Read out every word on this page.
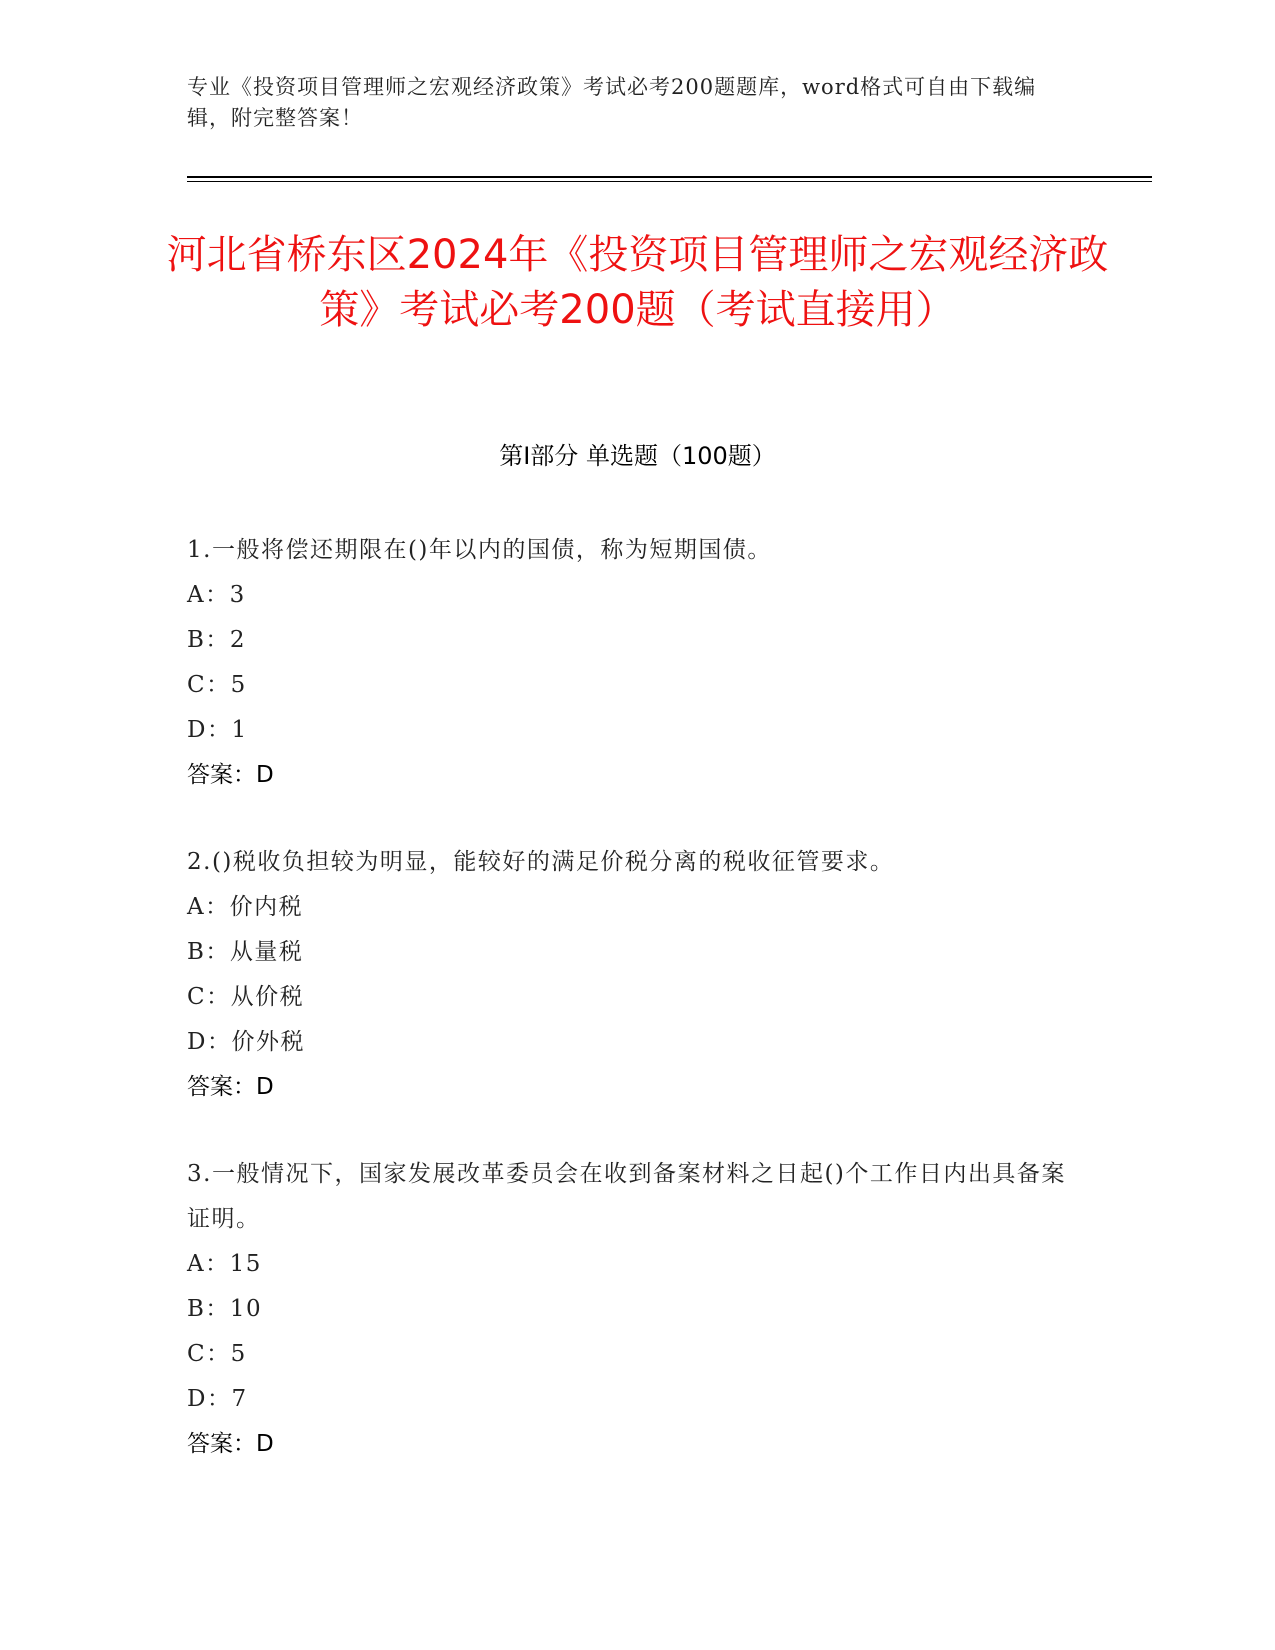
专业《投资项目管理师之宏观经济政策》考试必考200题题库，word格式可自由下载编辑，附完整答案！
河北省桥东区2024年《投资项目管理师之宏观经济政策》考试必考200题（考试直接用）
第I部分 单选题（100题）

1.一般将偿还期限在()年以内的国债，称为短期国债。

A：3

B：2

C：5

D：1

答案：D

2.()税收负担较为明显，能较好的满足价税分离的税收征管要求。

A：价内税

B：从量税

C：从价税

D：价外税

答案：D

3.一般情况下，国家发展改革委员会在收到备案材料之日起()个工作日内出具备案证明。

A：15

B：10

C：5

D：7

答案：D
